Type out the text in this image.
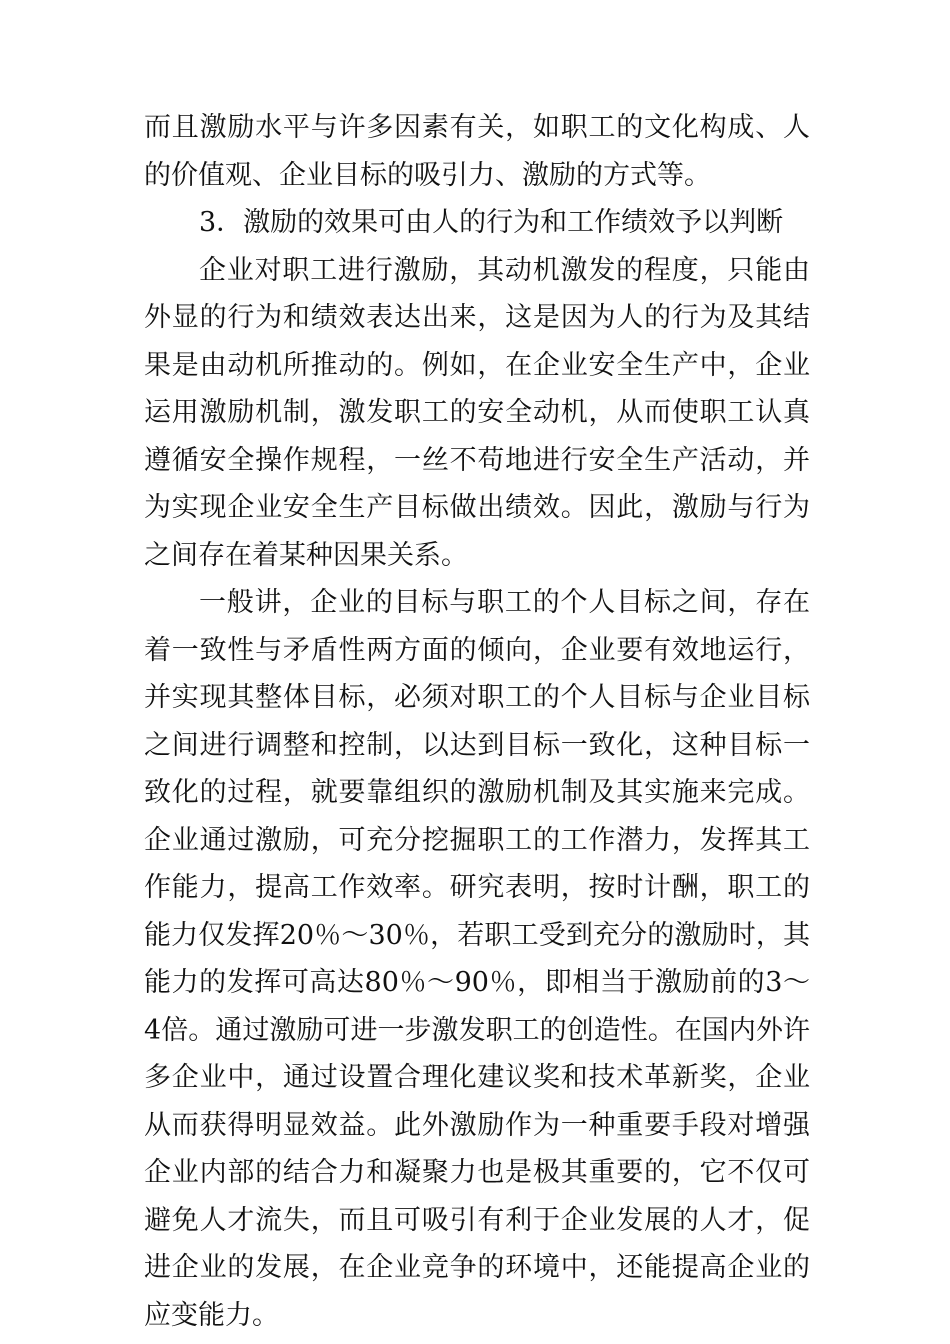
而且激励水平与许多因素有关，如职工的文化构成、人的价值观、企业目标的吸引力、激励的方式等。

3．激励的效果可由人的行为和工作绩效予以判断

企业对职工进行激励，其动机激发的程度，只能由外显的行为和绩效表达出来，这是因为人的行为及其结果是由动机所推动的。例如，在企业安全生产中，企业运用激励机制，激发职工的安全动机，从而使职工认真遵循安全操作规程，一丝不苟地进行安全生产活动，并为实现企业安全生产目标做出绩效。因此，激励与行为之间存在着某种因果关系。

一般讲，企业的目标与职工的个人目标之间，存在着一致性与矛盾性两方面的倾向，企业要有效地运行，并实现其整体目标，必须对职工的个人目标与企业目标之间进行调整和控制，以达到目标一致化，这种目标一致化的过程，就要靠组织的激励机制及其实施来完成。企业通过激励，可充分挖掘职工的工作潜力，发挥其工作能力，提高工作效率。研究表明，按时计酬，职工的能力仅发挥20％～30％，若职工受到充分的激励时，其能力的发挥可高达80％～90％，即相当于激励前的3～4倍。通过激励可进一步激发职工的创造性。在国内外许多企业中，通过设置合理化建议奖和技术革新奖，企业从而获得明显效益。此外激励作为一种重要手段对增强企业内部的结合力和凝聚力也是极其重要的，它不仅可避免人才流失，而且可吸引有利于企业发展的人才，促进企业的发展，在企业竞争的环境中，还能提高企业的应变能力。
